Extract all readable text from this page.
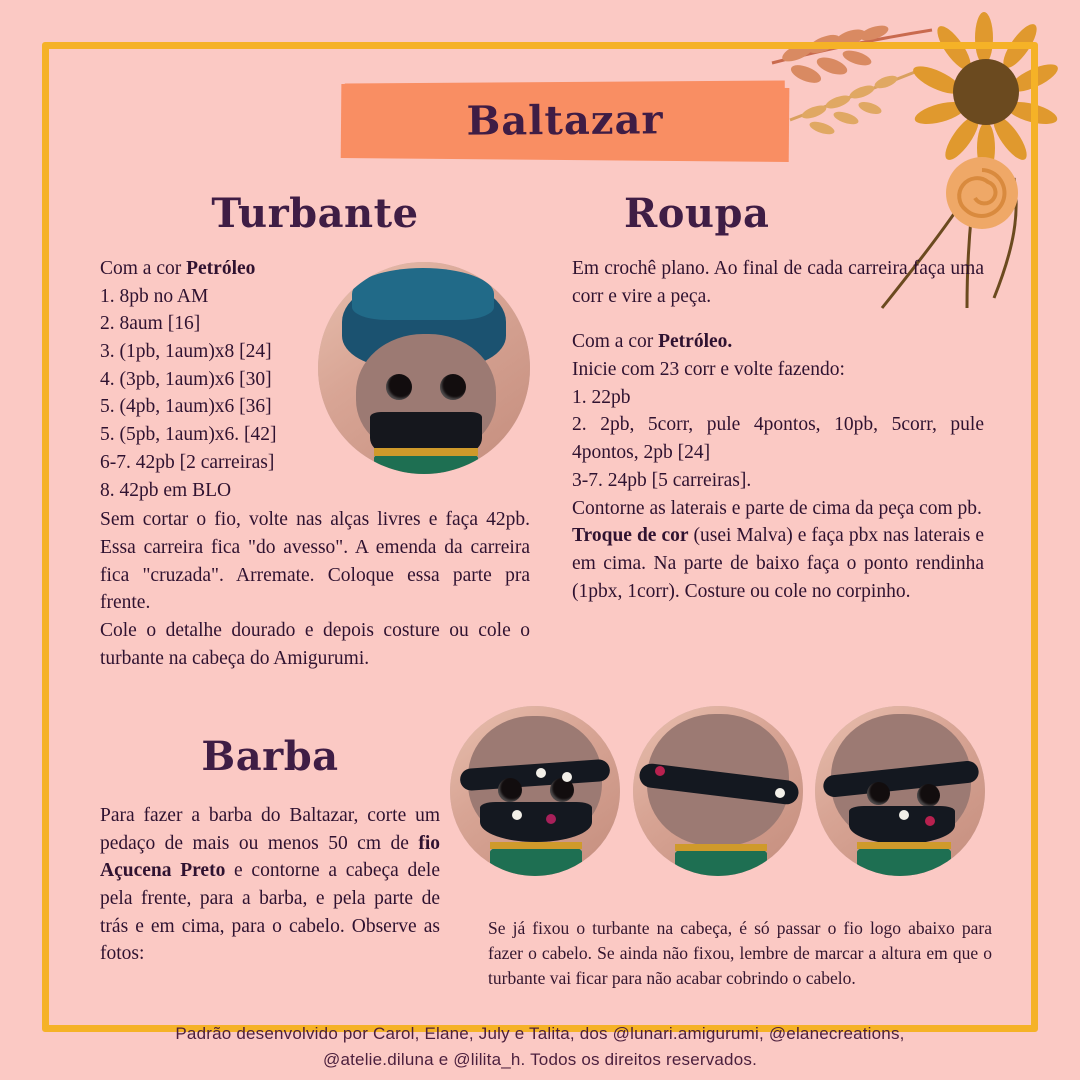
Baltazar
Turbante
Com a cor Petróleo
1. 8pb no AM
2. 8aum [16]
3. (1pb, 1aum)x8 [24]
4. (3pb, 1aum)x6 [30]
5. (4pb, 1aum)x6 [36]
5. (5pb, 1aum)x6. [42]
6-7. 42pb [2 carreiras]
8. 42pb em BLO
Sem cortar o fio, volte nas alças livres e faça 42pb. Essa carreira fica "do avesso". A emenda da carreira fica "cruzada". Arremate. Coloque essa parte pra frente.
Cole o detalhe dourado e depois costure ou cole o turbante na cabeça do Amigurumi.
Roupa
Em crochê plano. Ao final de cada carreira faça uma corr e vire a peça.

Com a cor Petróleo.
Inicie com 23 corr e volte fazendo:
1. 22pb
2. 2pb, 5corr, pule 4pontos, 10pb, 5corr, pule 4pontos, 2pb [24]
3-7. 24pb [5 carreiras].
Contorne as laterais e parte de cima da peça com pb.
Troque de cor (usei Malva) e faça pbx nas laterais e em cima. Na parte de baixo faça o ponto rendinha (1pbx, 1corr). Costure ou cole no corpinho.
Barba
Para fazer a barba do Baltazar, corte um pedaço de mais ou menos 50 cm de fio Açucena Preto e contorne a cabeça dele pela frente, para a barba, e pela parte de trás e em cima, para o cabelo. Observe as fotos:
Se já fixou o turbante na cabeça, é só passar o fio logo abaixo para fazer o cabelo. Se ainda não fixou, lembre de marcar a altura em que o turbante vai ficar para não acabar cobrindo o cabelo.
Padrão desenvolvido por Carol, Elane, July e Talita, dos @lunari.amigurumi, @elanecreations,
@atelie.diluna e @lilita_h. Todos os direitos reservados.
